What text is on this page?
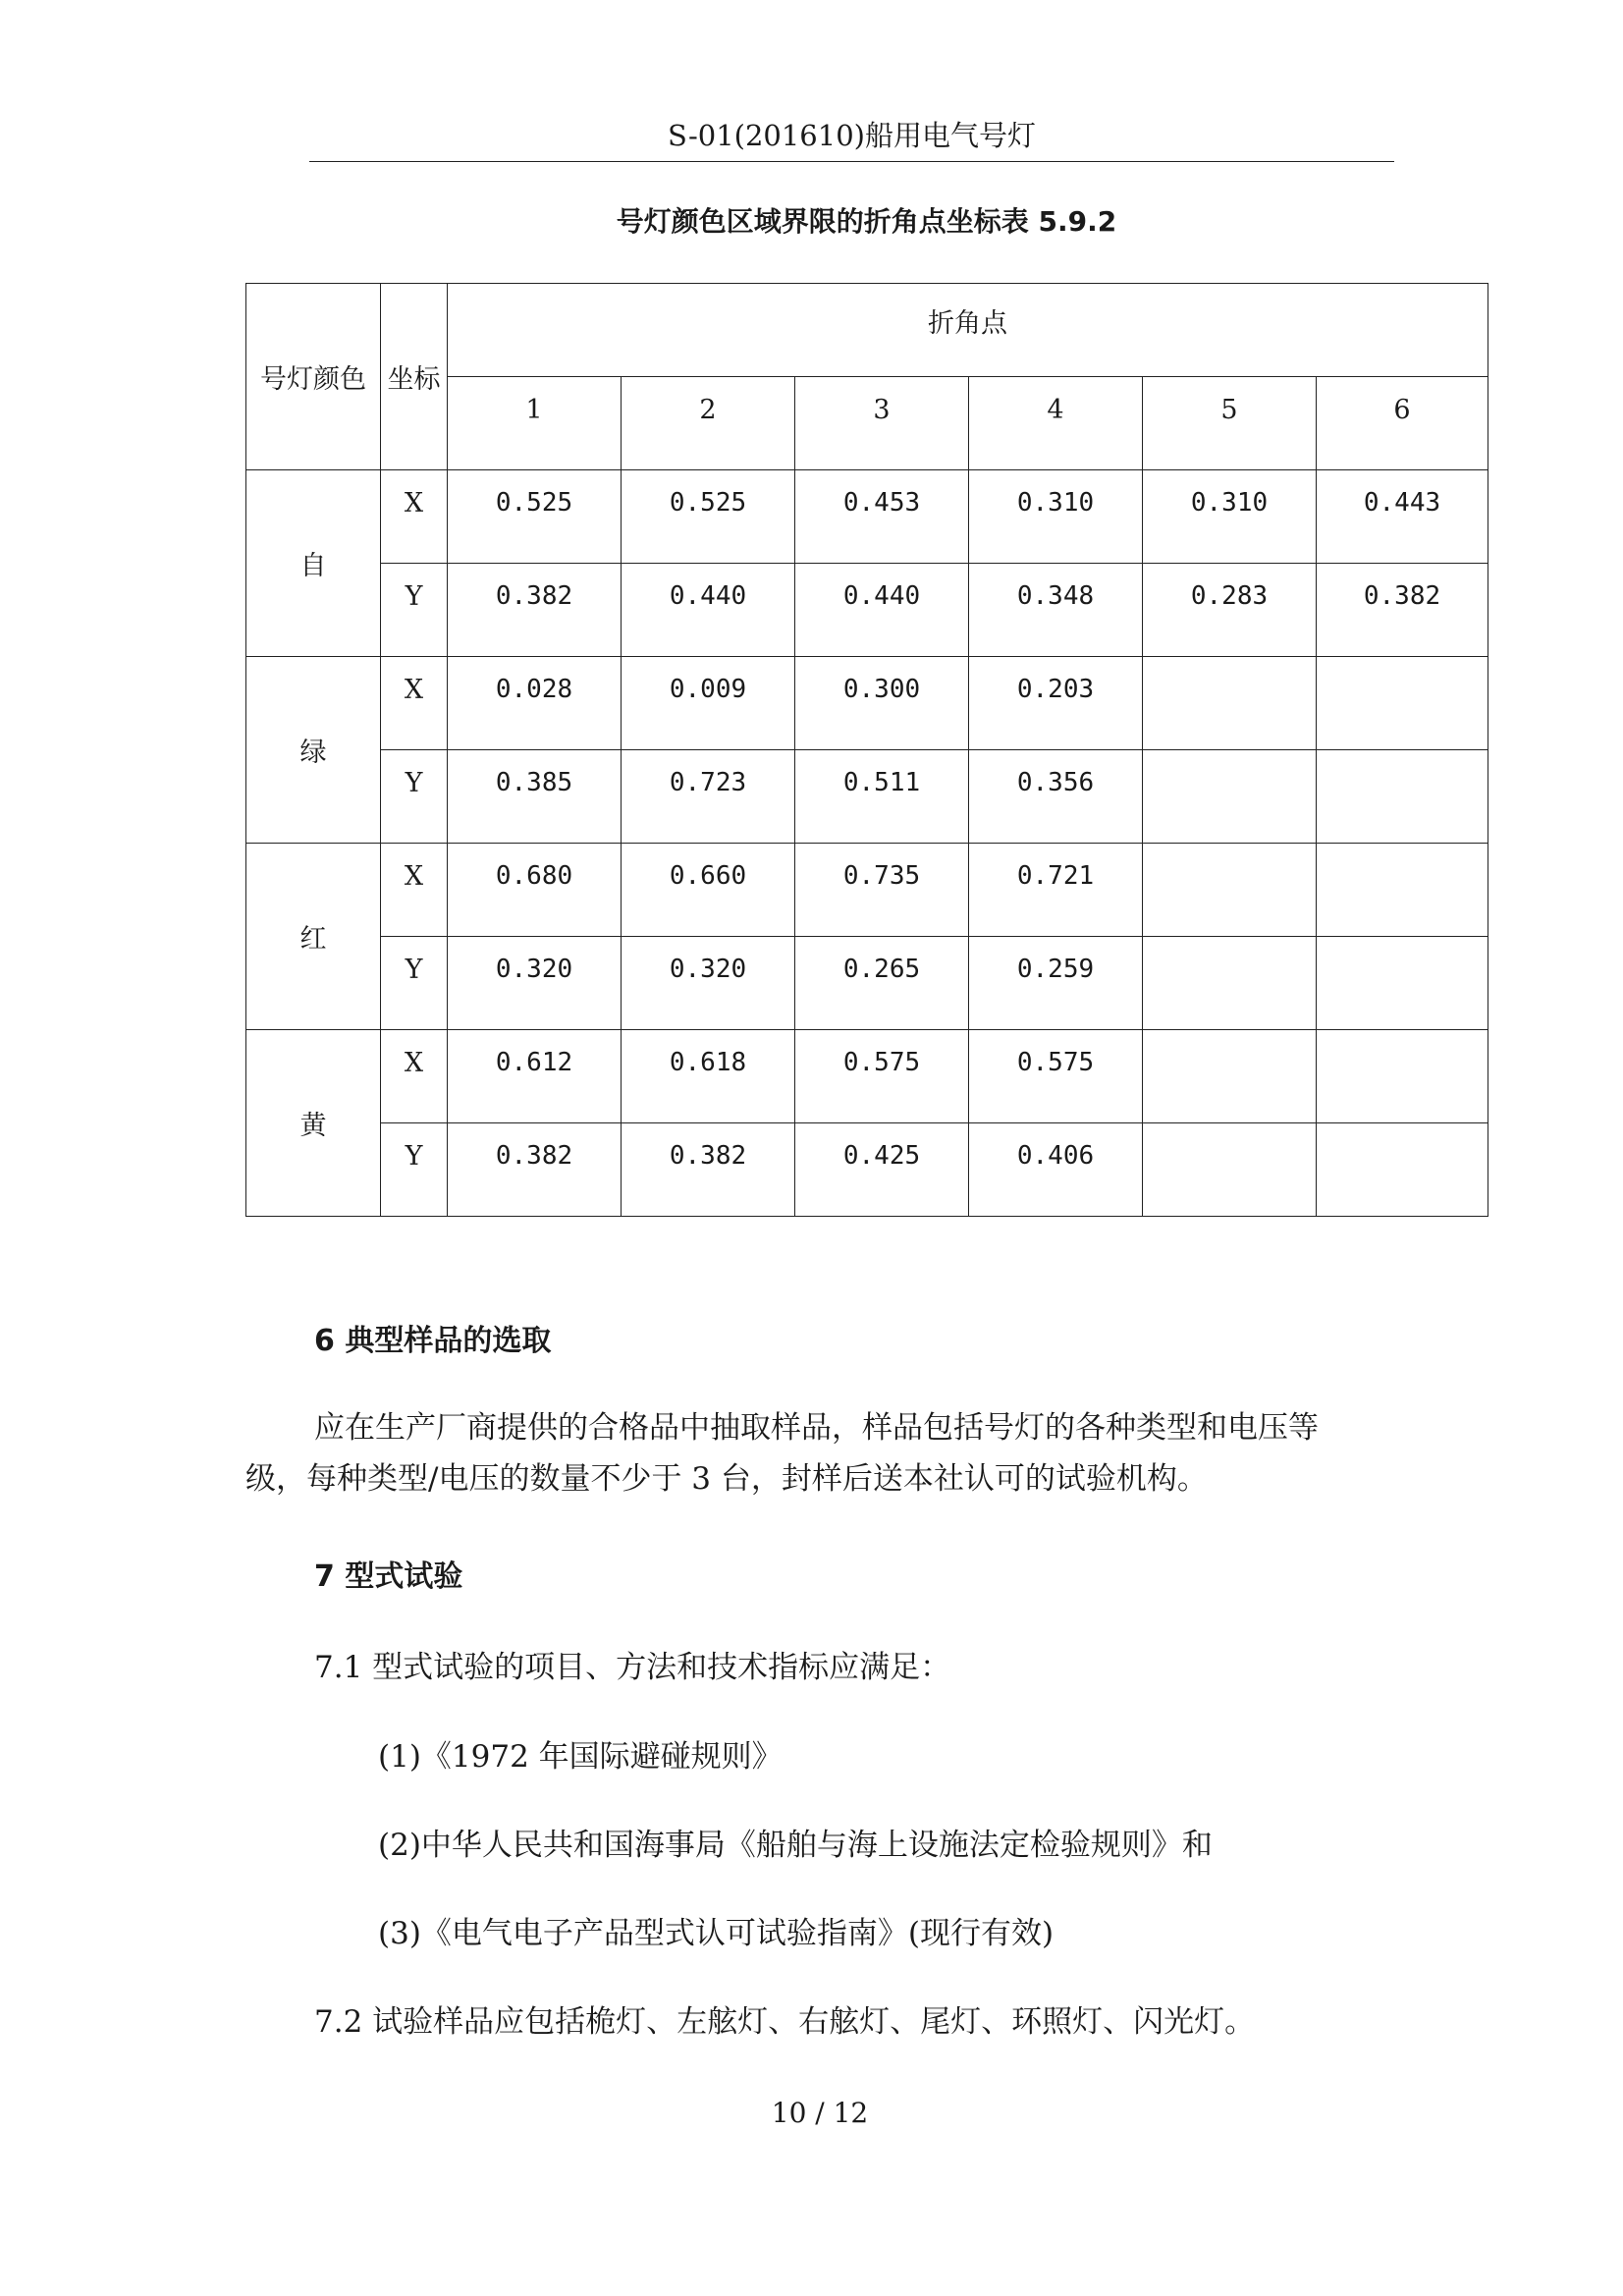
S-01(201610)船用电气号灯
号灯颜色区域界限的折角点坐标表 5.9.2
号灯颜色	坐标	折角点					
		1	2	3	4	5	6
自	X	0.525	0.525	0.453	0.310	0.310	0.443
	Y	0.382	0.440	0.440	0.348	0.283	0.382
绿	X	0.028	0.009	0.300	0.203		
	Y	0.385	0.723	0.511	0.356		
红	X	0.680	0.660	0.735	0.721		
	Y	0.320	0.320	0.265	0.259		
黄	X	0.612	0.618	0.575	0.575		
	Y	0.382	0.382	0.425	0.406		
6 典型样品的选取
应在生产厂商提供的合格品中抽取样品，样品包括号灯的各种类型和电压等
级，每种类型/电压的数量不少于 3 台，封样后送本社认可的试验机构。
7 型式试验
7.1 型式试验的项目、方法和技术指标应满足：
(1)《1972 年国际避碰规则》
(2)中华人民共和国海事局《船舶与海上设施法定检验规则》和
(3)《电气电子产品型式认可试验指南》(现行有效)
7.2 试验样品应包括桅灯、左舷灯、右舷灯、尾灯、环照灯、闪光灯。
10 / 12
